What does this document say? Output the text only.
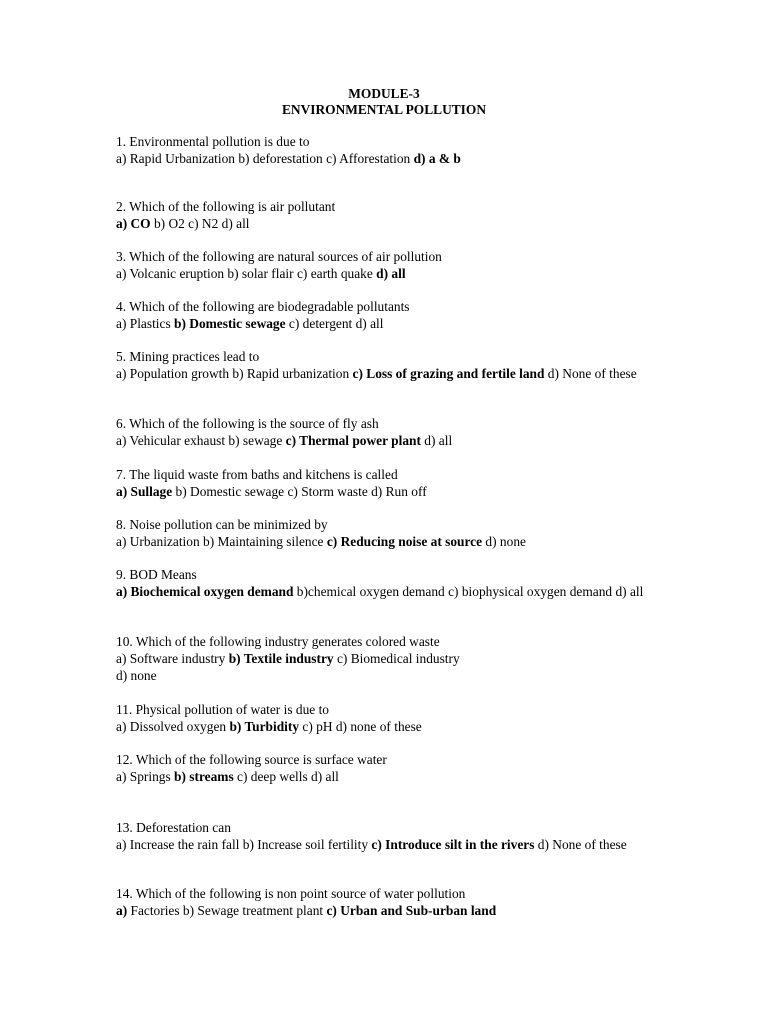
MODULE-3
ENVIRONMENTAL POLLUTION
1. Environmental pollution is due to
a) Rapid Urbanization b) deforestation c) Afforestation d) a & b
2. Which of the following is air pollutant
a) CO b) O2 c) N2 d) all
3. Which of the following are natural sources of air pollution
a) Volcanic eruption b) solar flair c) earth quake d) all
4. Which of the following are biodegradable pollutants
a) Plastics b) Domestic sewage c) detergent d) all
5. Mining practices lead to
a) Population growth b) Rapid urbanization c) Loss of grazing and fertile land d) None of these
6. Which of the following is the source of fly ash
a) Vehicular exhaust b) sewage c) Thermal power plant d) all
7. The liquid waste from baths and kitchens is called
a) Sullage b) Domestic sewage c) Storm waste d) Run off
8. Noise pollution can be minimized by
a) Urbanization b) Maintaining silence c) Reducing noise at source d) none
9. BOD Means
a) Biochemical oxygen demand b)chemical oxygen demand c) biophysical oxygen demand d) all
10. Which of the following industry generates colored waste
a) Software industry b) Textile industry c) Biomedical industry
d) none
11. Physical pollution of water is due to
a) Dissolved oxygen b) Turbidity c) pH d) none of these
12. Which of the following source is surface water
a) Springs b) streams c) deep wells d) all
13. Deforestation can
a) Increase the rain fall b) Increase soil fertility c) Introduce silt in the rivers d) None of these
14. Which of the following is non point source of water pollution
a) Factories b) Sewage treatment plant c) Urban and Sub-urban land
